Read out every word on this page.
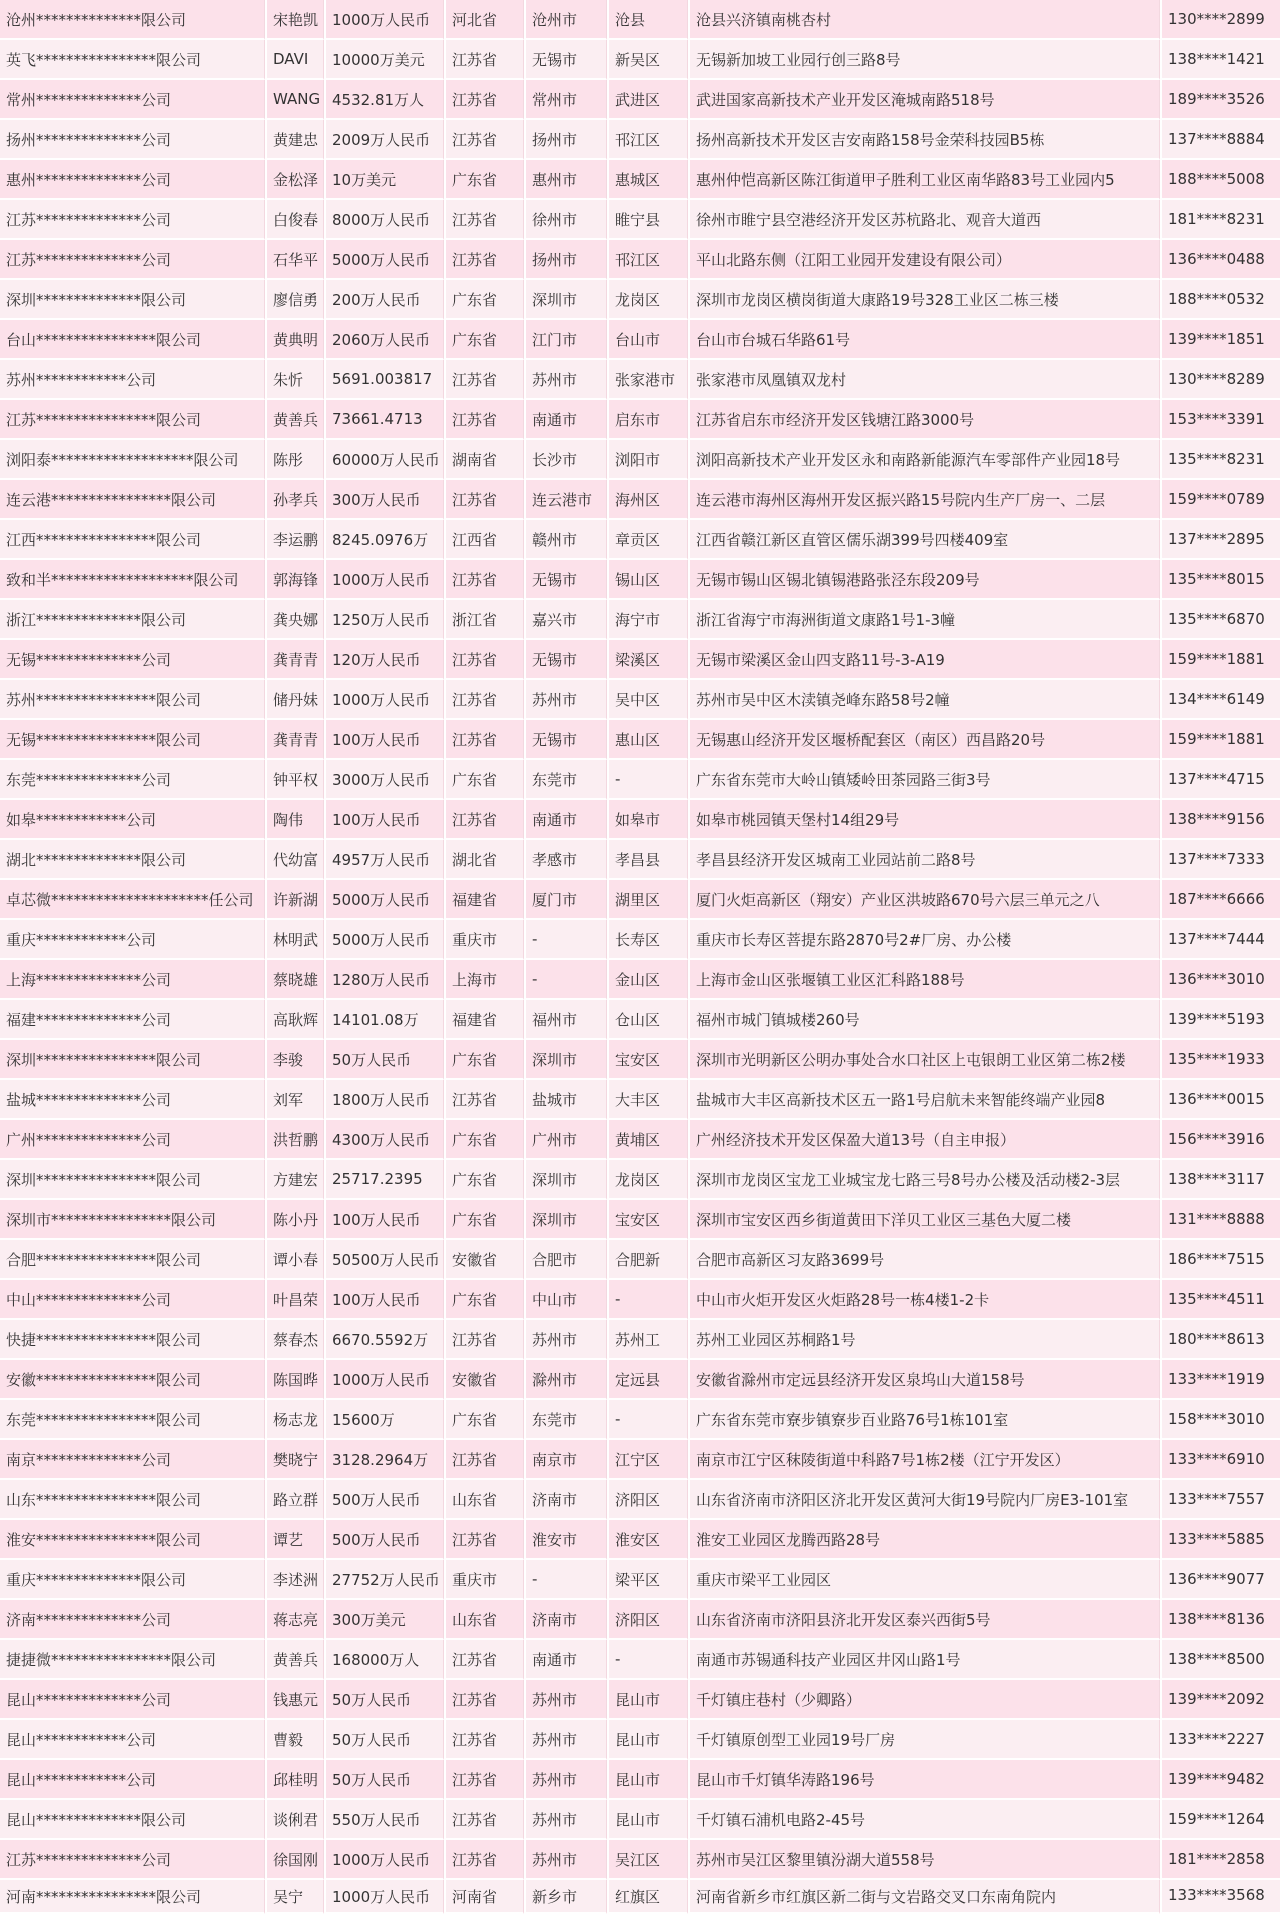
沧州**************限公司	宋艳凯	1000万人民币	河北省	沧州市	沧县	沧县兴济镇南桃杏村	130****2899
英飞****************限公司	DAVI	10000万美元	江苏省	无锡市	新吴区	无锡新加坡工业园行创三路8号	138****1421
常州**************公司	WANG	4532.81万人	江苏省	常州市	武进区	武进国家高新技术产业开发区淹城南路518号	189****3526
扬州**************公司	黄建忠	2009万人民币	江苏省	扬州市	邗江区	扬州高新技术开发区吉安南路158号金荣科技园B5栋	137****8884
惠州**************公司	金松泽	10万美元	广东省	惠州市	惠城区	惠州仲恺高新区陈江街道甲子胜利工业区南华路83号工业园内5	188****5008
江苏**************公司	白俊春	8000万人民币	江苏省	徐州市	睢宁县	徐州市睢宁县空港经济开发区苏杭路北、观音大道西	181****8231
江苏**************公司	石华平	5000万人民币	江苏省	扬州市	邗江区	平山北路东侧（江阳工业园开发建设有限公司）	136****0488
深圳**************限公司	廖信勇	200万人民币	广东省	深圳市	龙岗区	深圳市龙岗区横岗街道大康路19号328工业区二栋三楼	188****0532
台山****************限公司	黄典明	2060万人民币	广东省	江门市	台山市	台山市台城石华路61号	139****1851
苏州************公司	朱忻	5691.003817	江苏省	苏州市	张家港市	张家港市凤凰镇双龙村	130****8289
江苏****************限公司	黄善兵	73661.4713	江苏省	南通市	启东市	江苏省启东市经济开发区钱塘江路3000号	153****3391
浏阳泰*******************限公司	陈彤	60000万人民币	湖南省	长沙市	浏阳市	浏阳高新技术产业开发区永和南路新能源汽车零部件产业园18号	135****8231
连云港****************限公司	孙孝兵	300万人民币	江苏省	连云港市	海州区	连云港市海州区海州开发区振兴路15号院内生产厂房一、二层	159****0789
江西****************限公司	李运鹏	8245.0976万	江西省	赣州市	章贡区	江西省赣江新区直管区儒乐湖399号四楼409室	137****2895
致和半*******************限公司	郭海锋	1000万人民币	江苏省	无锡市	锡山区	无锡市锡山区锡北镇锡港路张泾东段209号	135****8015
浙江**************限公司	龚央娜	1250万人民币	浙江省	嘉兴市	海宁市	浙江省海宁市海洲街道文康路1号1-3幢	135****6870
无锡**************公司	龚青青	120万人民币	江苏省	无锡市	梁溪区	无锡市梁溪区金山四支路11号-3-A19	159****1881
苏州****************限公司	储丹妹	1000万人民币	江苏省	苏州市	吴中区	苏州市吴中区木渎镇尧峰东路58号2幢	134****6149
无锡****************限公司	龚青青	100万人民币	江苏省	无锡市	惠山区	无锡惠山经济开发区堰桥配套区（南区）西昌路20号	159****1881
东莞**************公司	钟平权	3000万人民币	广东省	东莞市	-	广东省东莞市大岭山镇矮岭田茶园路三街3号	137****4715
如皋************公司	陶伟	100万人民币	江苏省	南通市	如皋市	如皋市桃园镇天堡村14组29号	138****9156
湖北**************限公司	代幼富	4957万人民币	湖北省	孝感市	孝昌县	孝昌县经济开发区城南工业园站前二路8号	137****7333
卓芯微*********************任公司	许新湖	5000万人民币	福建省	厦门市	湖里区	厦门火炬高新区（翔安）产业区洪坡路670号六层三单元之八	187****6666
重庆************公司	林明武	5000万人民币	重庆市	-	长寿区	重庆市长寿区菩提东路2870号2#厂房、办公楼	137****7444
上海**************公司	蔡晓雄	1280万人民币	上海市	-	金山区	上海市金山区张堰镇工业区汇科路188号	136****3010
福建**************公司	高耿辉	14101.08万	福建省	福州市	仓山区	福州市城门镇城楼260号	139****5193
深圳****************限公司	李骏	50万人民币	广东省	深圳市	宝安区	深圳市光明新区公明办事处合水口社区上屯银朗工业区第二栋2楼	135****1933
盐城**************公司	刘军	1800万人民币	江苏省	盐城市	大丰区	盐城市大丰区高新技术区五一路1号启航未来智能终端产业园8	136****0015
广州**************公司	洪哲鹏	4300万人民币	广东省	广州市	黄埔区	广州经济技术开发区保盈大道13号（自主申报）	156****3916
深圳****************限公司	方建宏	25717.2395	广东省	深圳市	龙岗区	深圳市龙岗区宝龙工业城宝龙七路三号8号办公楼及活动楼2-3层	138****3117
深圳市****************限公司	陈小丹	100万人民币	广东省	深圳市	宝安区	深圳市宝安区西乡街道黄田下洋贝工业区三基色大厦二楼	131****8888
合肥****************限公司	谭小春	50500万人民币	安徽省	合肥市	合肥新	合肥市高新区习友路3699号	186****7515
中山**************公司	叶昌荣	100万人民币	广东省	中山市	-	中山市火炬开发区火炬路28号一栋4楼1-2卡	135****4511
快捷****************限公司	蔡春杰	6670.5592万	江苏省	苏州市	苏州工	苏州工业园区苏桐路1号	180****8613
安徽****************限公司	陈国晔	1000万人民币	安徽省	滁州市	定远县	安徽省滁州市定远县经济开发区泉坞山大道158号	133****1919
东莞****************限公司	杨志龙	15600万	广东省	东莞市	-	广东省东莞市寮步镇寮步百业路76号1栋101室	158****3010
南京**************公司	樊晓宁	3128.2964万	江苏省	南京市	江宁区	南京市江宁区秣陵街道中科路7号1栋2楼（江宁开发区）	133****6910
山东****************限公司	路立群	500万人民币	山东省	济南市	济阳区	山东省济南市济阳区济北开发区黄河大街19号院内厂房E3-101室	133****7557
淮安****************限公司	谭艺	500万人民币	江苏省	淮安市	淮安区	淮安工业园区龙腾西路28号	133****5885
重庆**************限公司	李述洲	27752万人民币	重庆市	-	梁平区	重庆市梁平工业园区	136****9077
济南**************公司	蒋志亮	300万美元	山东省	济南市	济阳区	山东省济南市济阳县济北开发区泰兴西街5号	138****8136
捷捷微****************限公司	黄善兵	168000万人	江苏省	南通市	-	南通市苏锡通科技产业园区井冈山路1号	138****8500
昆山**************公司	钱惠元	50万人民币	江苏省	苏州市	昆山市	千灯镇庄巷村（少卿路）	139****2092
昆山************公司	曹毅	50万人民币	江苏省	苏州市	昆山市	千灯镇原创型工业园19号厂房	133****2227
昆山************公司	邱桂明	50万人民币	江苏省	苏州市	昆山市	昆山市千灯镇华涛路196号	139****9482
昆山**************限公司	谈俐君	550万人民币	江苏省	苏州市	昆山市	千灯镇石浦机电路2-45号	159****1264
江苏**************公司	徐国刚	1000万人民币	江苏省	苏州市	吴江区	苏州市吴江区黎里镇汾湖大道558号	181****2858
河南****************限公司	吴宁	1000万人民币	河南省	新乡市	红旗区	河南省新乡市红旗区新二街与文岩路交叉口东南角院内	133****3568
